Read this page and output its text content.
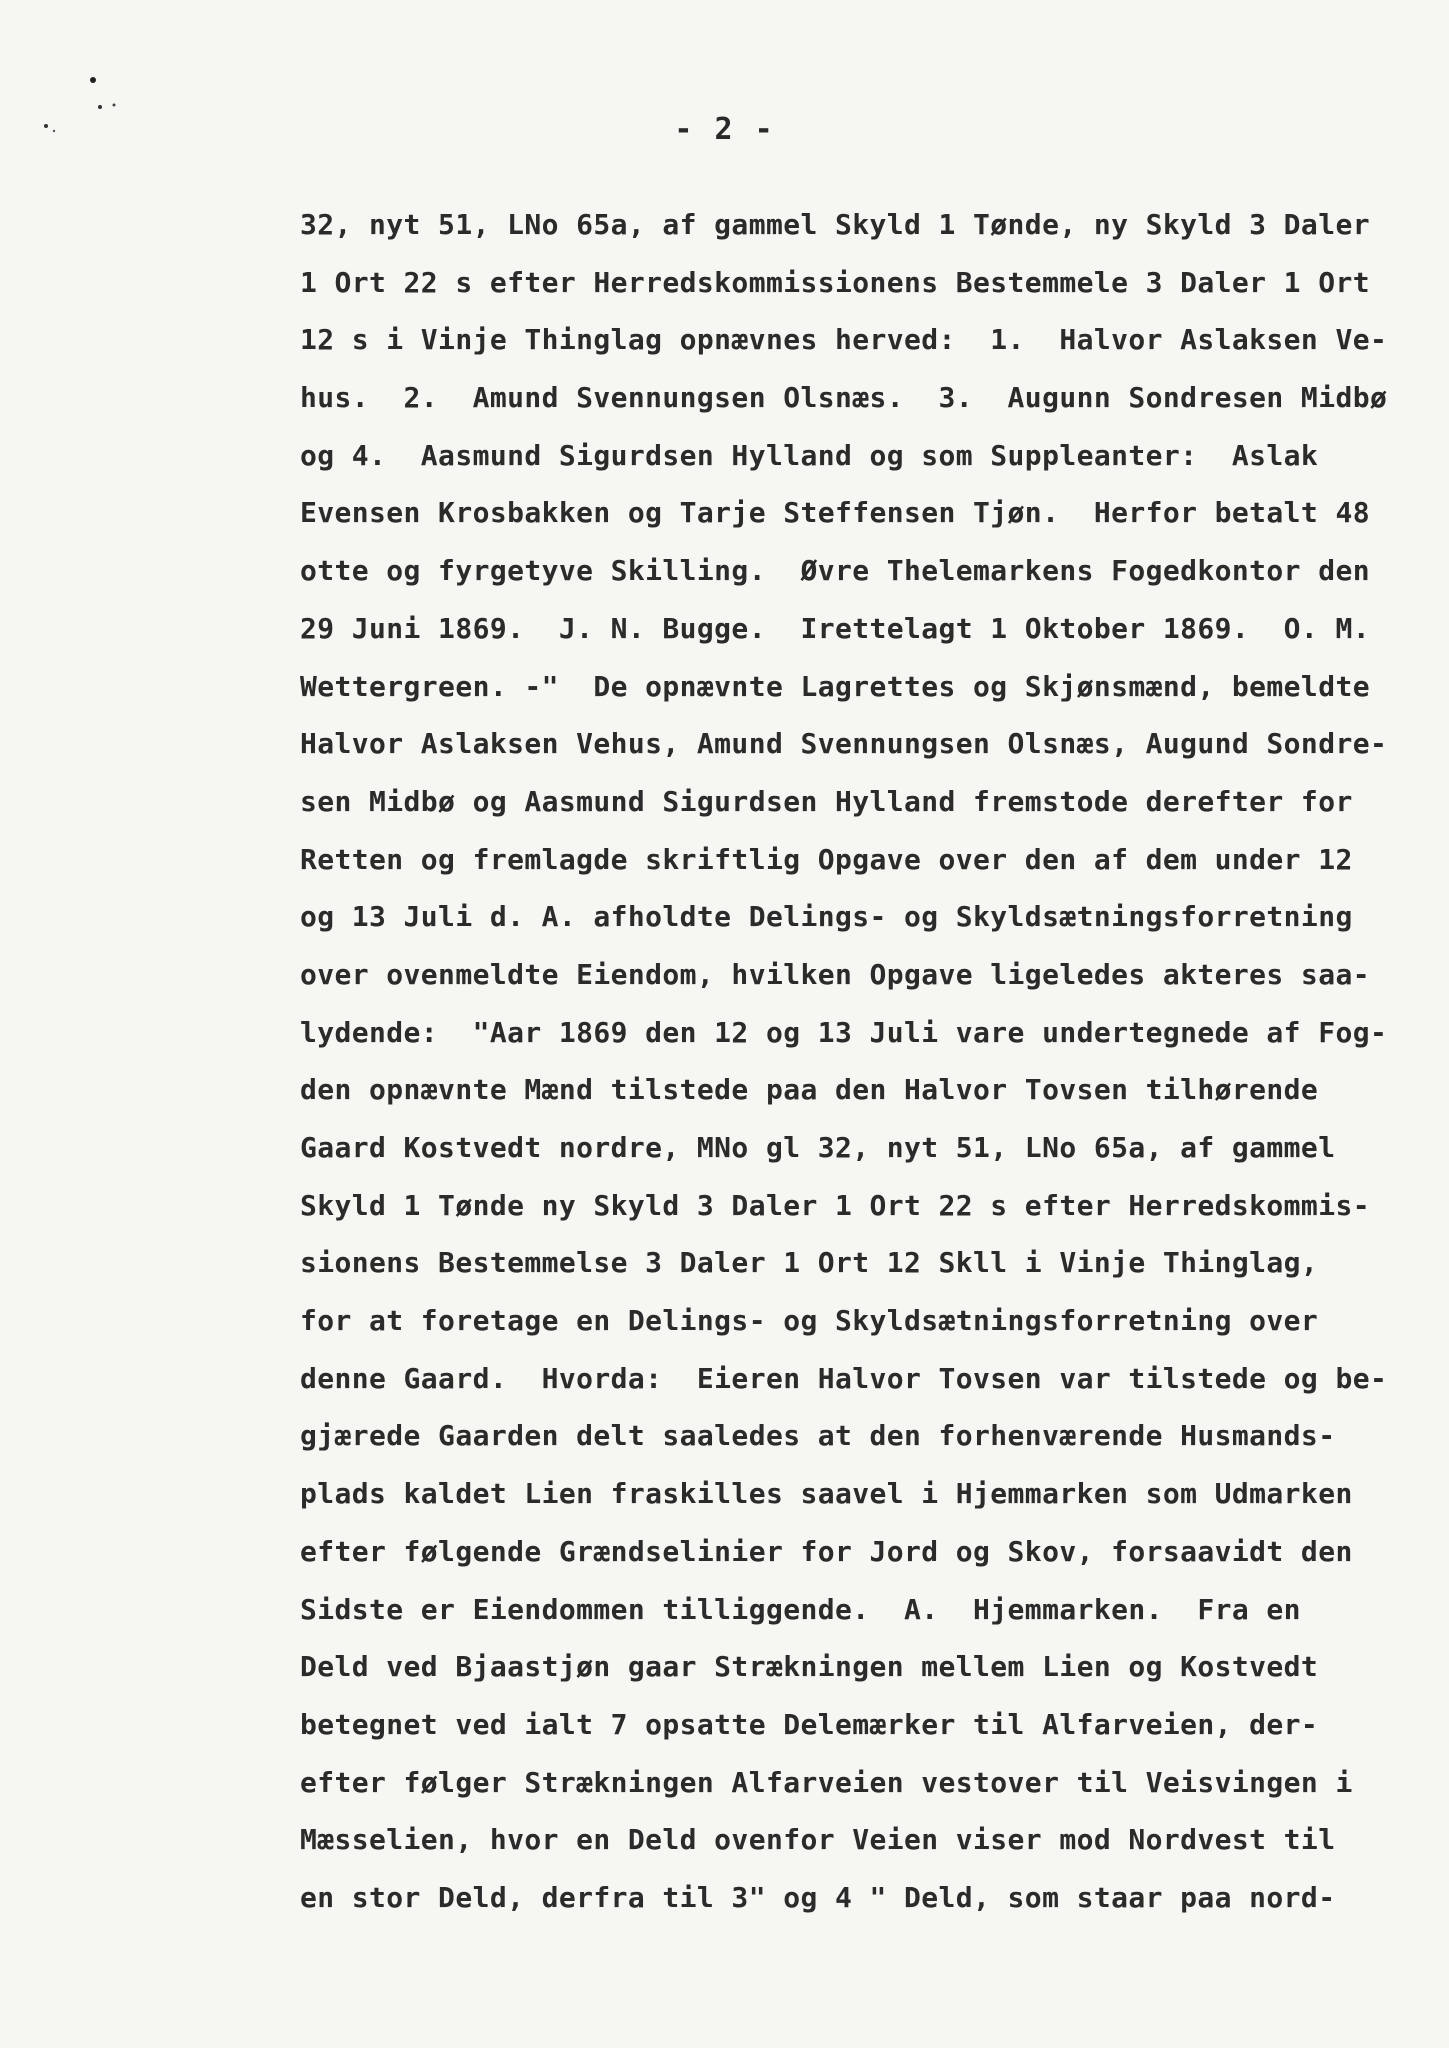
- 2 -
32, nyt 51, LNo 65a, af gammel Skyld 1 Tønde, ny Skyld 3 Daler
1 Ort 22 s efter Herredskommissionens Bestemmele 3 Daler 1 Ort
12 s i Vinje Thinglag opnævnes herved:  1.  Halvor Aslaksen Ve-
hus.  2.  Amund Svennungsen Olsnæs.  3.  Augunn Sondresen Midbø
og 4.  Aasmund Sigurdsen Hylland og som Suppleanter:  Aslak
Evensen Krosbakken og Tarje Steffensen Tjøn.  Herfor betalt 48
otte og fyrgetyve Skilling.  Øvre Thelemarkens Fogedkontor den
29 Juni 1869.  J. N. Bugge.  Irettelagt 1 Oktober 1869.  O. M.
Wettergreen. -"  De opnævnte Lagrettes og Skjønsmænd, bemeldte
Halvor Aslaksen Vehus, Amund Svennungsen Olsnæs, Augund Sondre-
sen Midbø og Aasmund Sigurdsen Hylland fremstode derefter for
Retten og fremlagde skriftlig Opgave over den af dem under 12
og 13 Juli d. A. afholdte Delings- og Skyldsætningsforretning
over ovenmeldte Eiendom, hvilken Opgave ligeledes akteres saa-
lydende:  "Aar 1869 den 12 og 13 Juli vare undertegnede af Fog-
den opnævnte Mænd tilstede paa den Halvor Tovsen tilhørende
Gaard Kostvedt nordre, MNo gl 32, nyt 51, LNo 65a, af gammel
Skyld 1 Tønde ny Skyld 3 Daler 1 Ort 22 s efter Herredskommis-
sionens Bestemmelse 3 Daler 1 Ort 12 Skll i Vinje Thinglag,
for at foretage en Delings- og Skyldsætningsforretning over
denne Gaard.  Hvorda:  Eieren Halvor Tovsen var tilstede og be-
gjærede Gaarden delt saaledes at den forhenværende Husmands-
plads kaldet Lien fraskilles saavel i Hjemmarken som Udmarken
efter følgende Grændselinier for Jord og Skov, forsaavidt den
Sidste er Eiendommen tilliggende.  A.  Hjemmarken.  Fra en
Deld ved Bjaastjøn gaar Strækningen mellem Lien og Kostvedt
betegnet ved ialt 7 opsatte Delemærker til Alfarveien, der-
efter følger Strækningen Alfarveien vestover til Veisvingen i
Mæsselien, hvor en Deld ovenfor Veien viser mod Nordvest til
en stor Deld, derfra til 3" og 4 " Deld, som staar paa nord-
